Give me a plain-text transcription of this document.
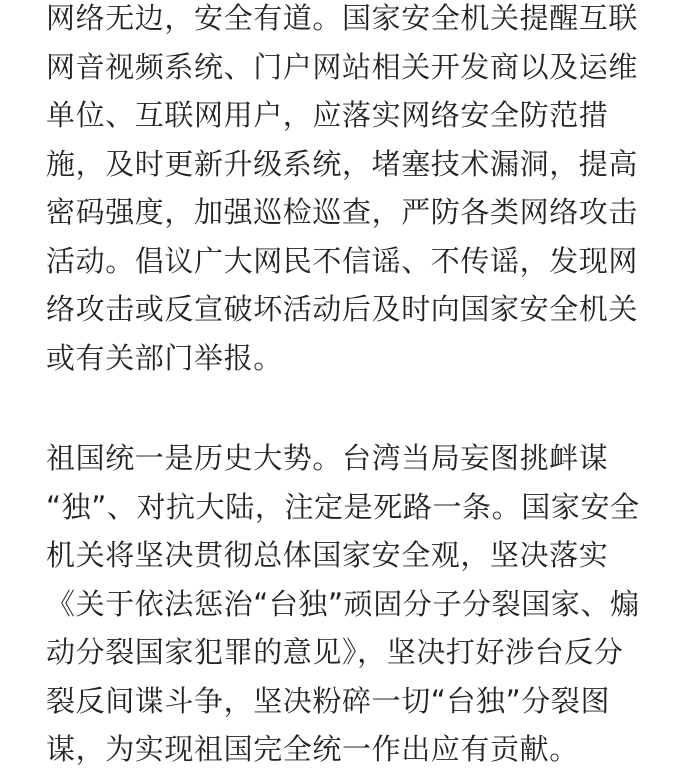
网络无边，安全有道。国家安全机关提醒互联
网音视频系统、门户网站相关开发商以及运维
单位、互联网用户，应落实网络安全防范措
施，及时更新升级系统，堵塞技术漏洞，提高
密码强度，加强巡检巡查，严防各类网络攻击
活动。倡议广大网民不信谣、不传谣，发现网
络攻击或反宣破坏活动后及时向国家安全机关
或有关部门举报。
祖国统一是历史大势。台湾当局妄图挑衅谋
“独”、对抗大陆，注定是死路一条。国家安全
机关将坚决贯彻总体国家安全观，坚决落实
《关于依法惩治“台独”顽固分子分裂国家、煽
动分裂国家犯罪的意见》，坚决打好涉台反分
裂反间谍斗争，坚决粉碎一切“台独”分裂图
谋，为实现祖国完全统一作出应有贡献。
